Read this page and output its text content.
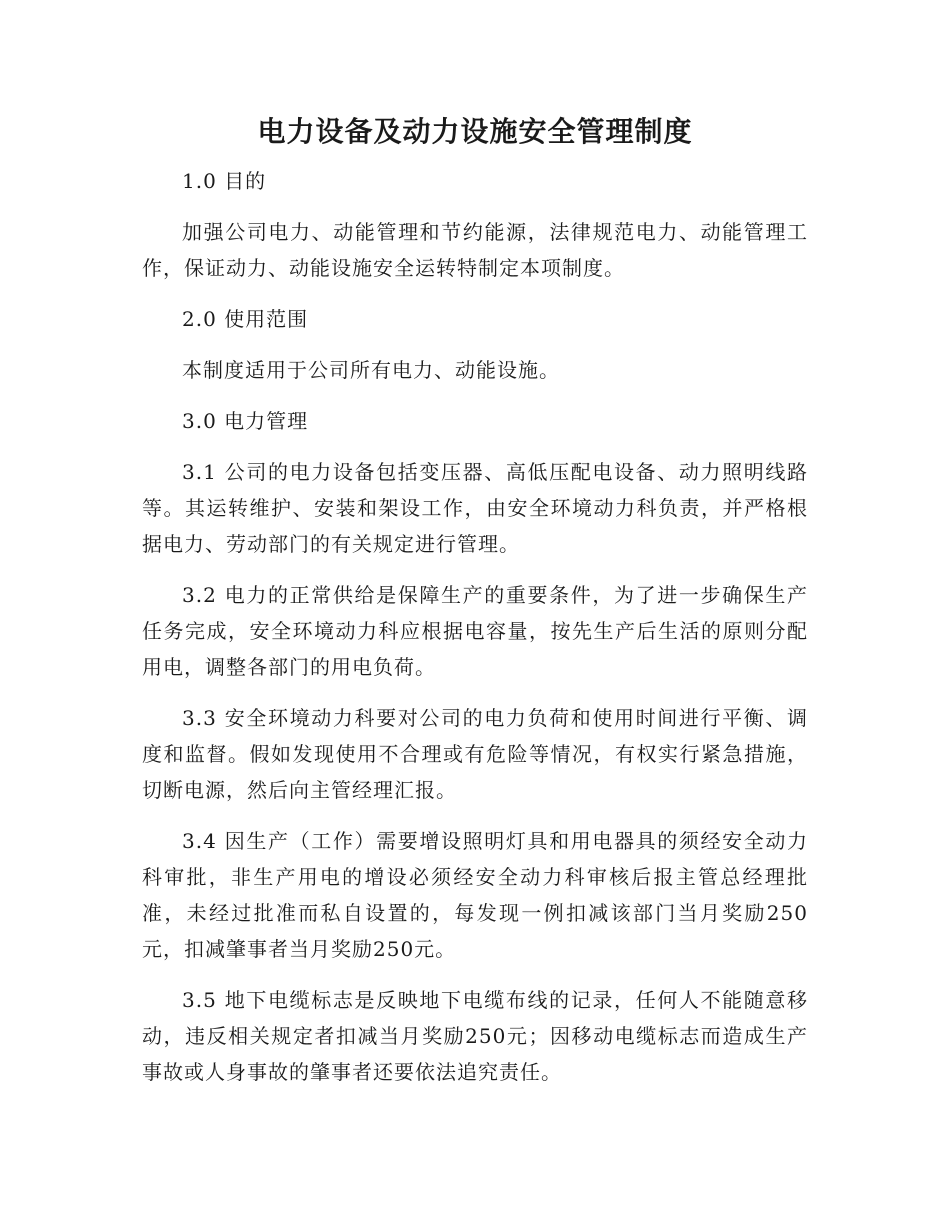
电力设备及动力设施安全管理制度

1.0 目的

加强公司电力、动能管理和节约能源，法律规范电力、动能管理工作，保证动力、动能设施安全运转特制定本项制度。

2.0 使用范围

本制度适用于公司所有电力、动能设施。

3.0 电力管理

3.1 公司的电力设备包括变压器、高低压配电设备、动力照明线路等。其运转维护、安装和架设工作，由安全环境动力科负责，并严格根据电力、劳动部门的有关规定进行管理。

3.2 电力的正常供给是保障生产的重要条件，为了进一步确保生产任务完成，安全环境动力科应根据电容量，按先生产后生活的原则分配用电，调整各部门的用电负荷。

3.3 安全环境动力科要对公司的电力负荷和使用时间进行平衡、调度和监督。假如发现使用不合理或有危险等情况，有权实行紧急措施，切断电源，然后向主管经理汇报。

3.4 因生产（工作）需要增设照明灯具和用电器具的须经安全动力科审批，非生产用电的增设必须经安全动力科审核后报主管总经理批准，未经过批准而私自设置的，每发现一例扣减该部门当月奖励250元，扣减肇事者当月奖励250元。

3.5 地下电缆标志是反映地下电缆布线的记录，任何人不能随意移动，违反相关规定者扣减当月奖励250元；因移动电缆标志而造成生产事故或人身事故的肇事者还要依法追究责任。
